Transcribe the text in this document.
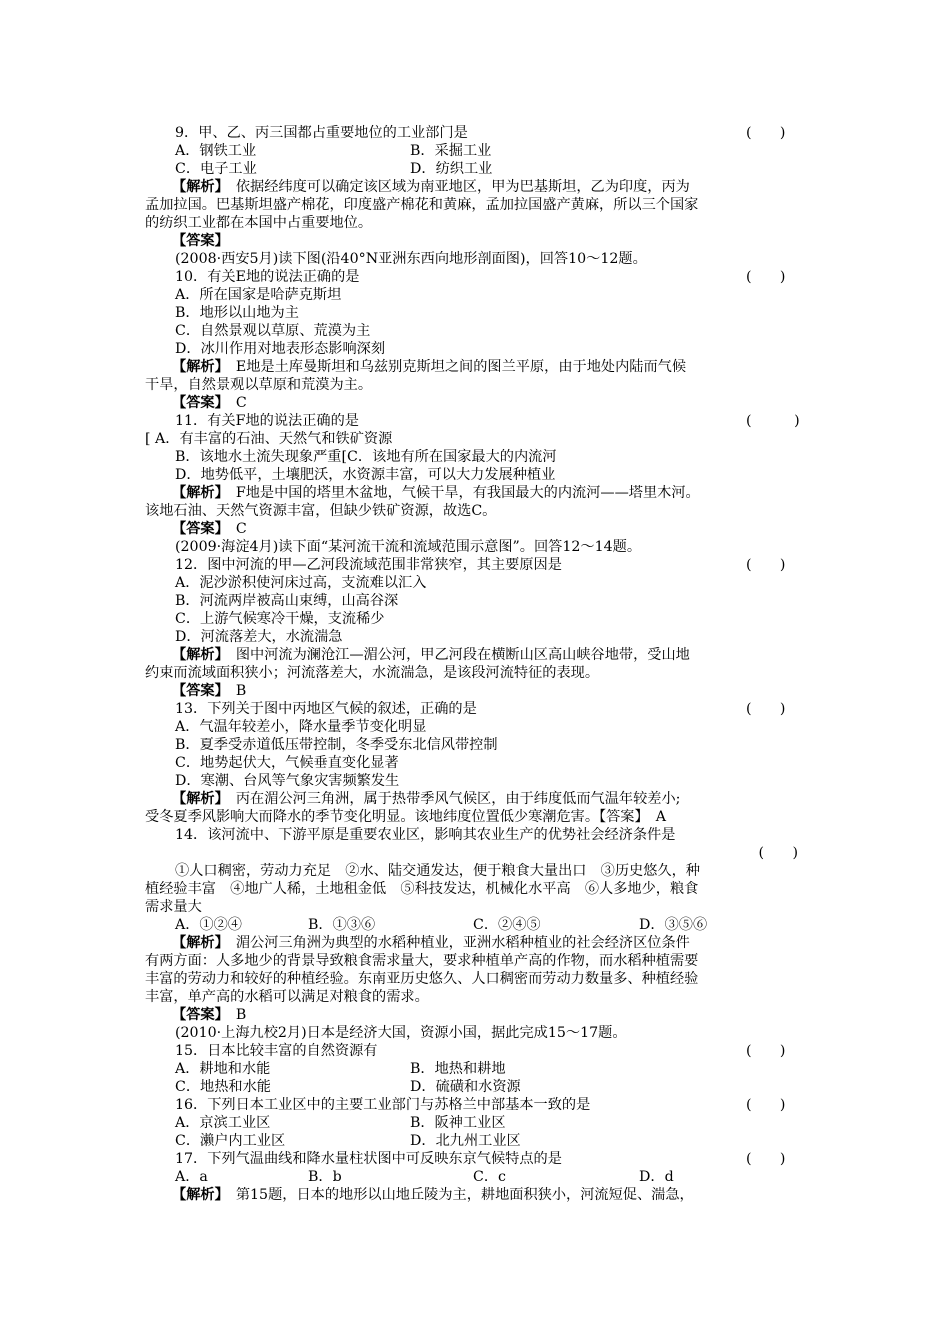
9．甲、乙、丙三国都占重要地位的工业部门是	(　　)
A．钢铁工业	B．采掘工业
C．电子工业	D．纺织工业
【解析】　依据经纬度可以确定该区域为南亚地区，甲为巴基斯坦，乙为印度，丙为
孟加拉国。巴基斯坦盛产棉花，印度盛产棉花和黄麻，孟加拉国盛产黄麻，所以三个国家
的纺织工业都在本国中占重要地位。
【答案】
(2008·西安5月)读下图(沿40°N亚洲东西向地形剖面图)，回答10～12题。
10．有关E地的说法正确的是	(　　)
A．所在国家是哈萨克斯坦
B．地形以山地为主
C．自然景观以草原、荒漠为主
D．冰川作用对地表形态影响深刻
【解析】　E地是土库曼斯坦和乌兹别克斯坦之间的图兰平原，由于地处内陆而气候
干旱，自然景观以草原和荒漠为主。
【答案】　C
11．有关F地的说法正确的是	(　　　)
[ A．有丰富的石油、天然气和铁矿资源
B．该地水土流失现象严重[C．该地有所在国家最大的内流河
D．地势低平，土壤肥沃，水资源丰富，可以大力发展种植业
【解析】　F地是中国的塔里木盆地，气候干旱，有我国最大的内流河——塔里木河。
该地石油、天然气资源丰富，但缺少铁矿资源，故选C。
【答案】　C
(2009·海淀4月)读下面“某河流干流和流域范围示意图”。回答12～14题。
12．图中河流的甲—乙河段流域范围非常狭窄，其主要原因是	(　　)
A．泥沙淤积使河床过高，支流难以汇入
B．河流两岸被高山束缚，山高谷深
C．上游气候寒冷干燥，支流稀少
D．河流落差大，水流湍急
【解析】　图中河流为澜沧江—湄公河，甲乙河段在横断山区高山峡谷地带，受山地
约束而流域面积狭小；河流落差大，水流湍急，是该段河流特征的表现。
【答案】　B
13．下列关于图中丙地区气候的叙述，正确的是	(　　)
A．气温年较差小，降水量季节变化明显
B．夏季受赤道低压带控制，冬季受东北信风带控制
C．地势起伏大，气候垂直变化显著
D．寒潮、台风等气象灾害频繁发生
【解析】　丙在湄公河三角洲，属于热带季风气候区，由于纬度低而气温年较差小;
受冬夏季风影响大而降水的季节变化明显。该地纬度位置低少寒潮危害。【答案】　A
14．该河流中、下游平原是重要农业区，影响其农业生产的优势社会经济条件是
(　　)
①人口稠密，劳动力充足　②水、陆交通发达，便于粮食大量出口　③历史悠久，种
植经验丰富　④地广人稀，土地租金低　⑤科技发达，机械化水平高　⑥人多地少，粮食
需求量大
A．①②④	B．①③⑥	C．②④⑤	D．③⑤⑥
【解析】　湄公河三角洲为典型的水稻种植业，亚洲水稻种植业的社会经济区位条件
有两方面：人多地少的背景导致粮食需求量大，要求种植单产高的作物，而水稻种植需要
丰富的劳动力和较好的种植经验。东南亚历史悠久、人口稠密而劳动力数量多、种植经验
丰富，单产高的水稻可以满足对粮食的需求。
【答案】　B
(2010·上海九校2月)日本是经济大国，资源小国，据此完成15～17题。
15．日本比较丰富的自然资源有	(　　)
A．耕地和水能	B．地热和耕地
C．地热和水能	D．硫磺和水资源
16．下列日本工业区中的主要工业部门与苏格兰中部基本一致的是	(　　)
A．京滨工业区	B．阪神工业区
C．濑户内工业区	D．北九州工业区
17．下列气温曲线和降水量柱状图中可反映东京气候特点的是	(　　)
A．a	B．b	C．c	D．d
【解析】　第15题，日本的地形以山地丘陵为主，耕地面积狭小，河流短促、湍急，
